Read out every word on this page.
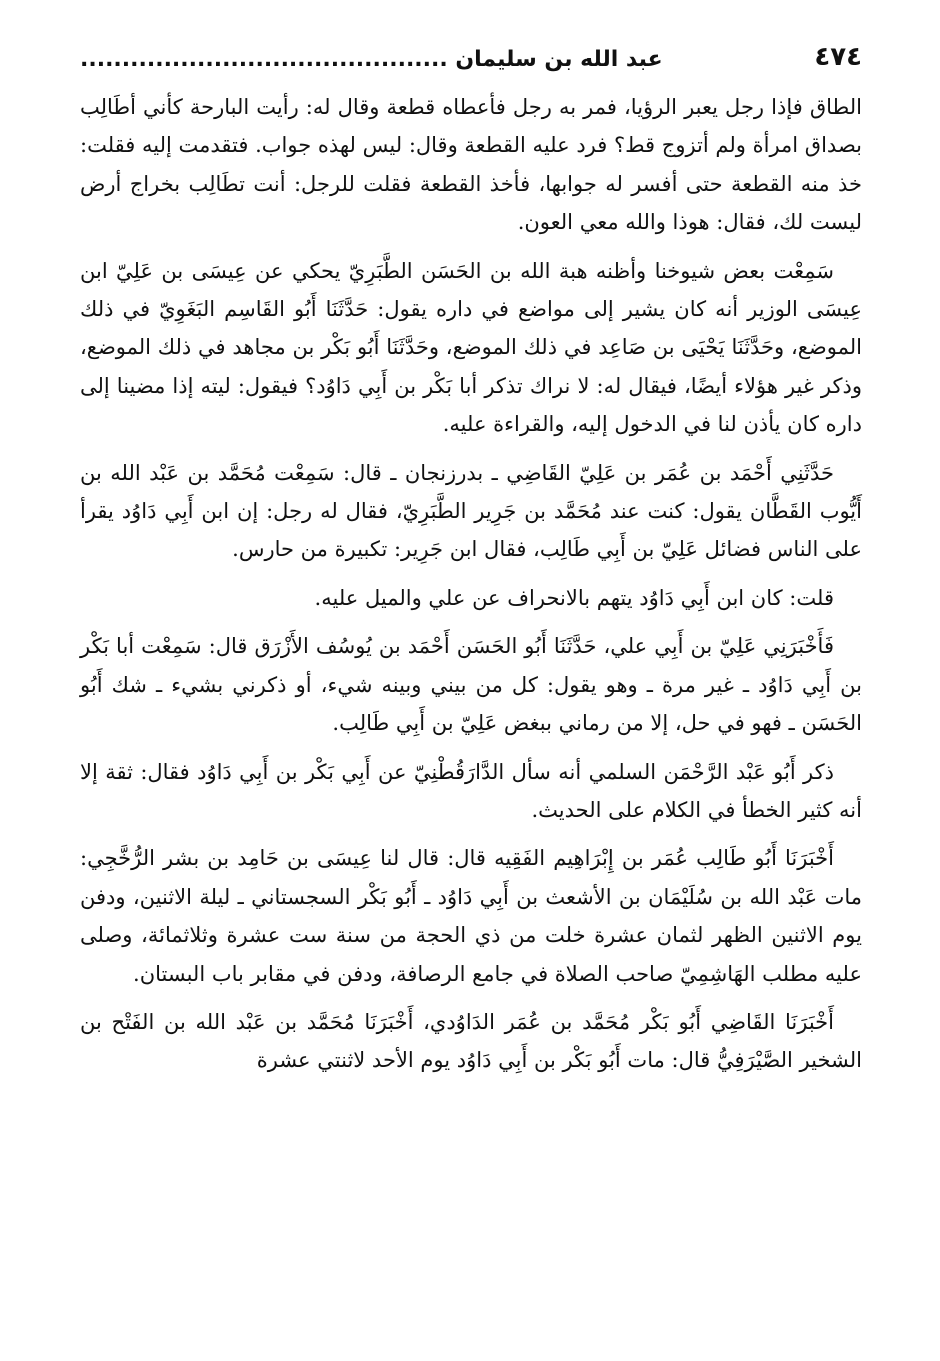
٤٧٤
عبد الله بن سليمان ............................................

الطاق فإذا رجل يعبر الرؤيا، فمر به رجل فأعطاه قطعة وقال له: رأيت البارحة كأني أطَالِب بصداق امرأة ولم أتزوج قط؟ فرد عليه القطعة وقال: ليس لهذه جواب. فتقدمت إليه فقلت: خذ منه القطعة حتى أفسر له جوابها، فأخذ القطعة فقلت للرجل: أنت تطَالِب بخراج أرض ليست لك، فقال: هوذا والله معي العون.

سَمِعْت بعض شيوخنا وأظنه هبة الله بن الحَسَن الطَّبَرِيّ يحكي عن عِيسَى بن عَلِيّ ابن عِيسَى الوزير أنه كان يشير إلى مواضع في داره يقول: حَدَّثَنَا أَبُو القَاسِم البَغَوِيّ في ذلك الموضع، وحَدَّثَنَا يَحْيَى بن صَاعِد في ذلك الموضع، وحَدَّثَنَا أَبُو بَكْر بن مجاهد في ذلك الموضع، وذكر غير هؤلاء أيضًا، فيقال له: لا نراك تذكر أبا بَكْر بن أَبِي دَاوُد؟ فيقول: ليته إذا مضينا إلى داره كان يأذن لنا في الدخول إليه، والقراءة عليه.

حَدَّثَنِي أَحْمَد بن عُمَر بن عَلِيّ القَاضِي ـ بدرزنجان ـ قال: سَمِعْت مُحَمَّد بن عَبْد الله بن أَيُّوب القَطَّان يقول: كنت عند مُحَمَّد بن جَرِير الطَّبَرِيّ، فقال له رجل: إن ابن أَبِي دَاوُد يقرأ على الناس فضائل عَلِيّ بن أَبِي طَالِب، فقال ابن جَرِير: تكبيرة من حارس.

قلت: كان ابن أَبِي دَاوُد يتهم بالانحراف عن علي والميل عليه.

فَأَخْبَرَنِي عَلِيّ بن أَبِي علي، حَدَّثَنَا أَبُو الحَسَن أَحْمَد بن يُوسُف الأَزْرَق قال: سَمِعْت أبا بَكْر بن أَبِي دَاوُد ـ غير مرة ـ وهو يقول: كل من بيني وبينه شيء، أو ذكرني بشيء ـ شك أَبُو الحَسَن ـ فهو في حل، إلا من رماني ببغض عَلِيّ بن أَبِي طَالِب.

ذكر أَبُو عَبْد الرَّحْمَن السلمي أنه سأل الدَّارَقُطْنِيّ عن أَبِي بَكْر بن أَبِي دَاوُد فقال: ثقة إلا أنه كثير الخطأ في الكلام على الحديث.

أَخْبَرَنَا أَبُو طَالِب عُمَر بن إِبْرَاهِيم الفَقِيه قال: قال لنا عِيسَى بن حَامِد بن بشر الرُّخَّجِي: مات عَبْد الله بن سُلَيْمَان بن الأشعث بن أَبِي دَاوُد ـ أَبُو بَكْر السجستاني ـ ليلة الاثنين، ودفن يوم الاثنين الظهر لثمان عشرة خلت من ذي الحجة من سنة ست عشرة وثلاثمائة، وصلى عليه مطلب الهَاشِمِيّ صاحب الصلاة في جامع الرصافة، ودفن في مقابر باب البستان.

أَخْبَرَنَا القَاضِي أَبُو بَكْر مُحَمَّد بن عُمَر الدَاوُدي، أَخْبَرَنَا مُحَمَّد بن عَبْد الله بن الفَتْح بن الشخير الصَّيْرَفِيُّ قال: مات أَبُو بَكْر بن أَبِي دَاوُد يوم الأحد لاثنتي عشرة
